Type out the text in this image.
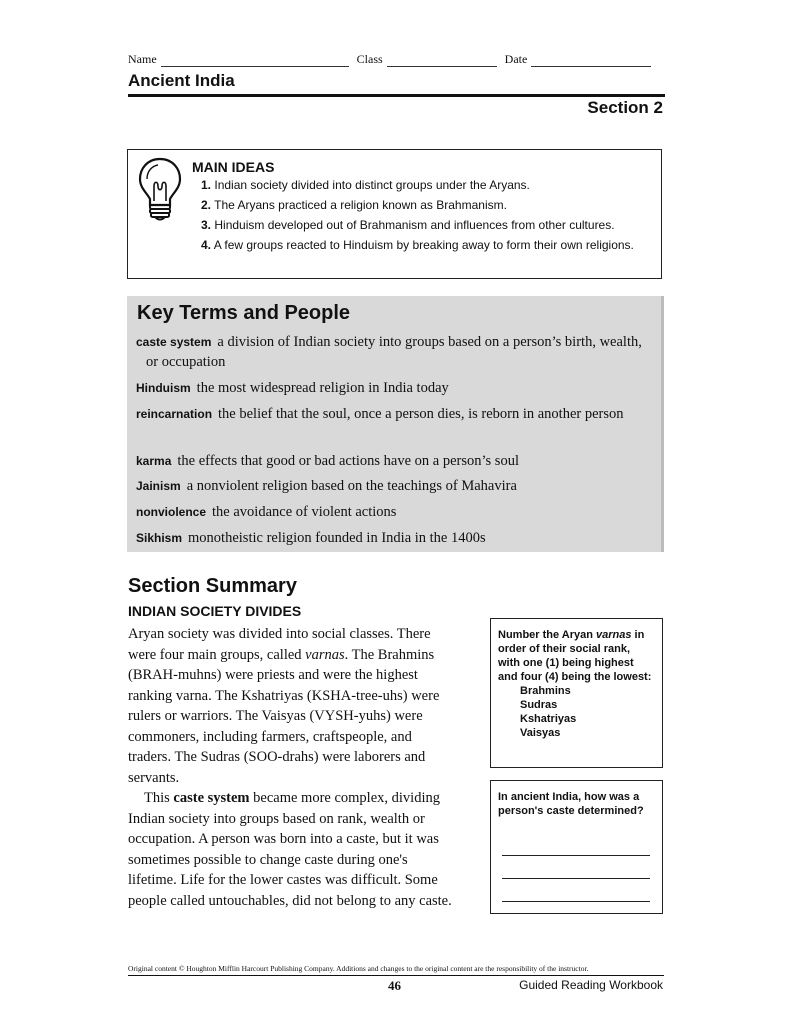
Name	Class	Date
Ancient India
Section 2
MAIN IDEAS
1. Indian society divided into distinct groups under the Aryans.
2. The Aryans practiced a religion known as Brahmanism.
3. Hinduism developed out of Brahmanism and influences from other cultures.
4. A few groups reacted to Hinduism by breaking away to form their own religions.
Key Terms and People
caste system a division of Indian society into groups based on a person’s birth, wealth, or occupation
Hinduism the most widespread religion in India today
reincarnation the belief that the soul, once a person dies, is reborn in another person
karma the effects that good or bad actions have on a person’s soul
Jainism a nonviolent religion based on the teachings of Mahavira
nonviolence the avoidance of violent actions
Sikhism monotheistic religion founded in India in the 1400s
Section Summary
INDIAN SOCIETY DIVIDES

Aryan society was divided into social classes. There were four main groups, called varnas. The Brahmins (BRAH-muhns) were priests and were the highest ranking varna. The Kshatriyas (KSHA-tree-uhs) were rulers or warriors. The Vaisyas (VYSH-yuhs) were commoners, including farmers, craftspeople, and traders. The Sudras (SOO-drahs) were laborers and servants.

This caste system became more complex, dividing Indian society into groups based on rank, wealth or occupation. A person was born into a caste, but it was sometimes possible to change caste during one's lifetime. Life for the lower castes was difficult. Some people called untouchables, did not belong to any caste.

Number the Aryan varnas in order of their social rank, with one (1) being highest and four (4) being the lowest:
Brahmins
Sudras
Kshatriyas
Vaisyas
In ancient India, how was a person's caste determined?
Original content © Houghton Mifflin Harcourt Publishing Company. Additions and changes to the original content are the responsibility of the instructor.
46	Guided Reading Workbook
